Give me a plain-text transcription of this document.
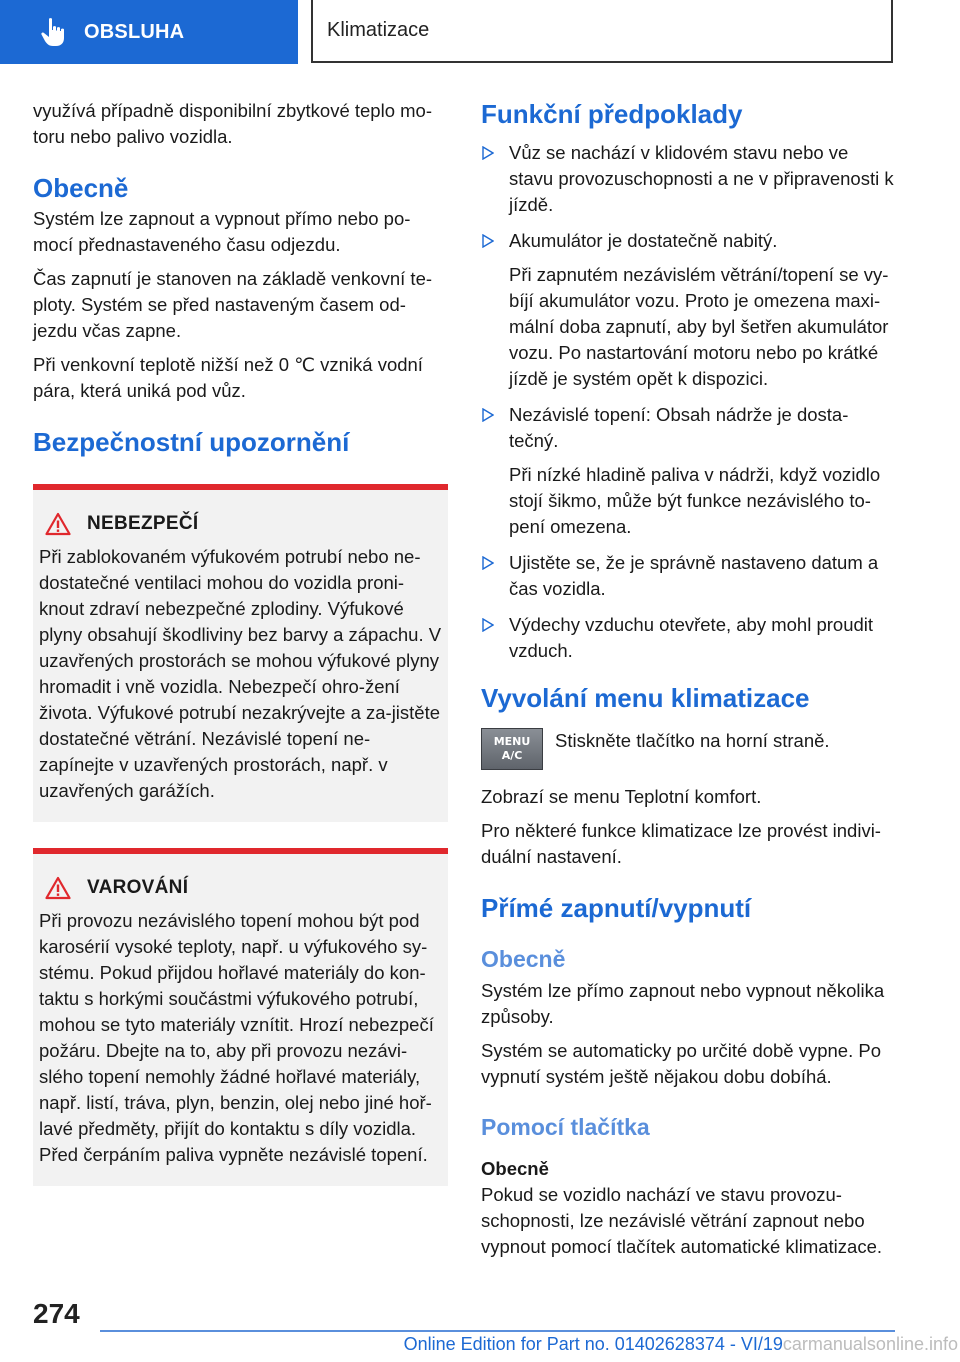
OBSLUHA	Klimatizace

využívá případně disponibilní zbytkové teplo mo-toru nebo palivo vozidla.

Obecně

Systém lze zapnout a vypnout přímo nebo po-mocí přednastaveného času odjezdu.

Čas zapnutí je stanoven na základě venkovní te-ploty. Systém se před nastaveným časem od-jezdu včas zapne.

Při venkovní teplotě nižší než 0 ℃ vzniká vodní pára, která uniká pod vůz.

Bezpečnostní upozornění
NEBEZPEČÍ

Při zablokovaném výfukovém potrubí nebo ne-dostatečné ventilaci mohou do vozidla proni-knout zdraví nebezpečné zplodiny. Výfukové plyny obsahují škodliviny bez barvy a zápachu. V uzavřených prostorách se mohou výfukové plyny hromadit i vně vozidla. Nebezpečí ohro-žení života. Výfukové potrubí nezakrývejte a za-jistěte dostatečné větrání. Nezávislé topení ne-zapínejte v uzavřených prostorách, např. v uzavřených garážích.

VAROVÁNÍ

Při provozu nezávislého topení mohou být pod karosérií vysoké teploty, např. u výfukového sy-stému. Pokud přijdou hořlavé materiály do kon-taktu s horkými součástmi výfukového potrubí, mohou se tyto materiály vznítit. Hrozí nebezpečí požáru. Dbejte na to, aby při provozu nezávi-slého topení nemohly žádné hořlavé materiály, např. listí, tráva, plyn, benzin, olej nebo jiné hoř-lavé předměty, přijít do kontaktu s díly vozidla. Před čerpáním paliva vypněte nezávislé topení.

Funkční předpoklady

Vůz se nachází v klidovém stavu nebo ve stavu provozuschopnosti a ne v připravenosti k jízdě.

Akumulátor je dostatečně nabitý.

Při zapnutém nezávislém větrání/topení se vy-bíjí akumulátor vozu. Proto je omezena maxi-mální doba zapnutí, aby byl šetřen akumulátor vozu. Po nastartování motoru nebo po krátké jízdě je systém opět k dispozici.

Nezávislé topení: Obsah nádrže je dosta-tečný.

Při nízké hladině paliva v nádrži, když vozidlo stojí šikmo, může být funkce nezávislého to-pení omezena.

Ujistěte se, že je správně nastaveno datum a čas vozidla.

Výdechy vzduchu otevřete, aby mohl proudit vzduch.

Vyvolání menu klimatizace
MENU
A/C

Stiskněte tlačítko na horní straně.

Zobrazí se menu Teplotní komfort.

Pro některé funkce klimatizace lze provést indivi-duální nastavení.

Přímé zapnutí/vypnutí
Obecně

Systém lze přímo zapnout nebo vypnout několika způsoby.

Systém se automaticky po určité době vypne. Po vypnutí systém ještě nějakou dobu dobíhá.

Pomocí tlačítka
Obecně

Pokud se vozidlo nachází ve stavu provozu-schopnosti, lze nezávislé větrání zapnout nebo vypnout pomocí tlačítek automatické klimatizace.

274
Online Edition for Part no. 01402628374 - VI/19carmanualsonline.info
